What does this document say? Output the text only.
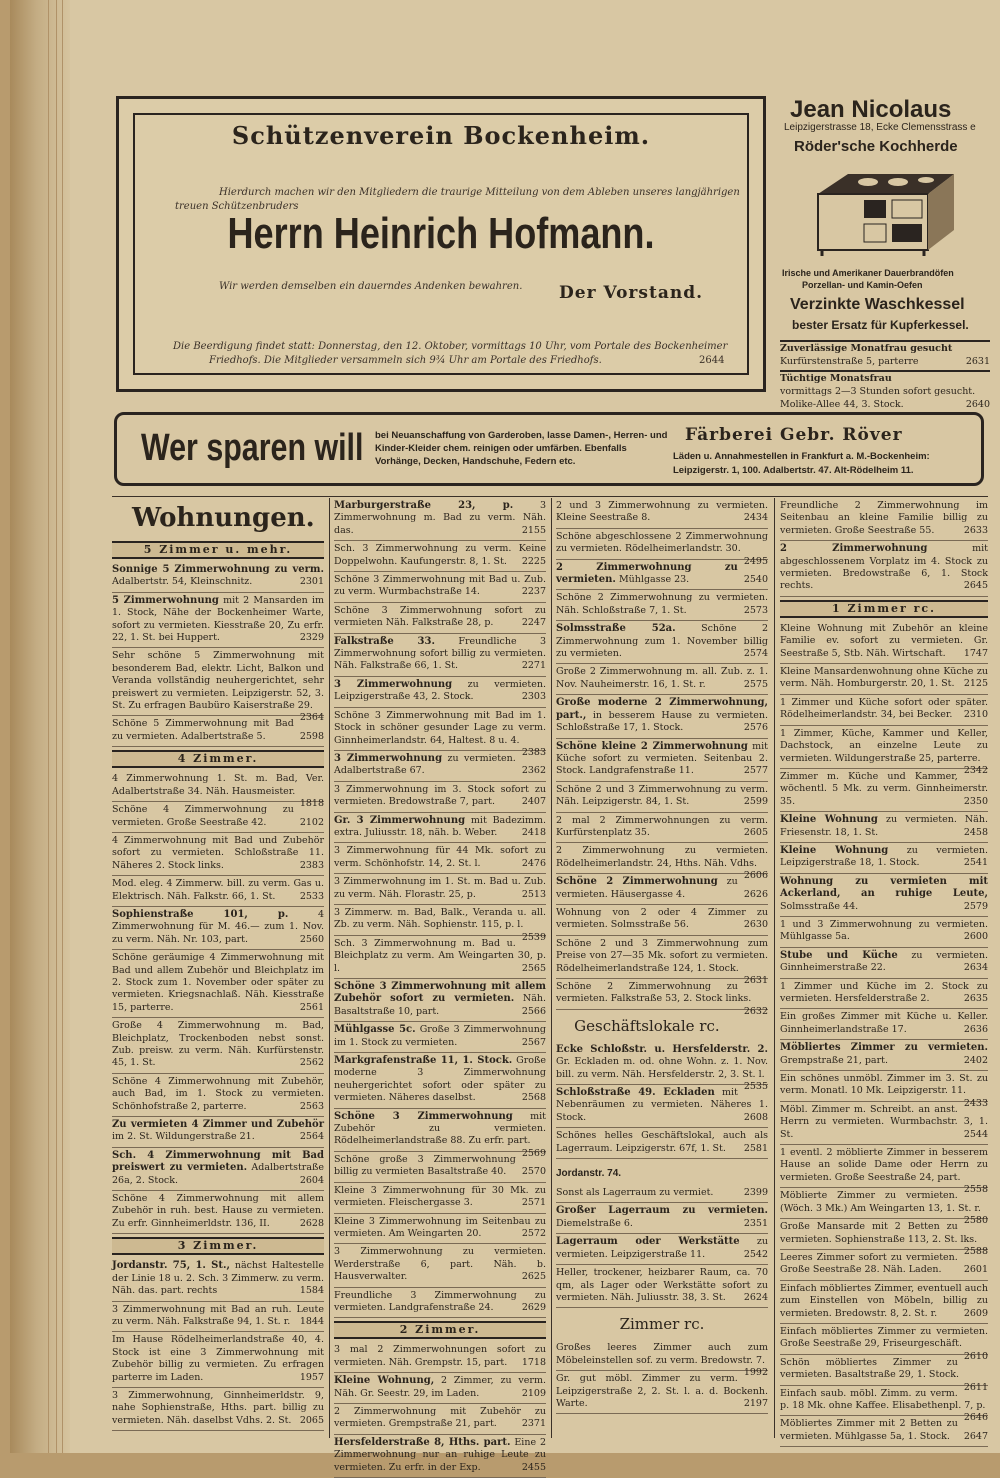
Schützenverein Bockenheim.
Hierdurch machen wir den Mitgliedern die traurige Mitteilung von dem Ableben unseres langjährigen
treuen Schützenbruders
Herrn Heinrich Hofmann.
Wir werden demselben ein dauerndes Andenken bewahren. Der Vorstand.
Die Beerdigung findet statt: Donnerstag, den 12. Oktober, vormittags 10 Uhr, vom Portale des Bockenheimer
Friedhofs. Die Mitglieder versammeln sich 9¾ Uhr am Portale des Friedhofs.	2644
Jean Nicolaus
Leipzigerstrasse 18, Ecke Clemensstrass e
Röder'sche Kochherde
Irische und Amerikaner Dauerbrandöfen
Porzellan- und Kamin-Oefen
Verzinkte Waschkessel
bester Ersatz für Kupferkessel.
Zuverlässige Monatfrau gesucht
Kurfürstenstraße 5, parterre	2631
Tüchtige Monatsfrau
vormittags 2—3 Stunden sofort gesucht. Molike-Allee 44, 3. Stock.	2640
Wer sparen will bei Neuanschaffung von Garderoben, lasse Damen-, Herren- und Kinder-Kleider chem. reinigen oder umfärben. Ebenfalls Vorhänge, Decken, Handschuhe, Federn etc.
Färberei Gebr. Röver
Läden u. Annahmestellen in Frankfurt a. M.-Bockenheim:
Leipzigerstr. 1, 100. Adalbertstr. 47. Alt-Rödelheim 11.
Wohnungen.
5 Zimmer u. mehr.
Sonnige 5 Zimmerwohnung zu verm. Adalbertstr. 54, Kleinschnitz.	2301
5 Zimmerwohnung mit 2 Mansarden im 1. Stock, Nähe der Bockenheimer Warte, sofort zu vermieten. Kiesstraße 20, Zu erfr. 22, 1. St. bei Huppert.	2329
Sehr schöne 5 Zimmerwohnung mit besonderem Bad, elektr. Licht, Balkon und Veranda vollständig neuhergerichtet, sehr preiswert zu vermieten. Leipzigerstr. 52, 3. St. Zu erfragen Baubüro Kaiserstraße 29.
2364
Schöne 5 Zimmerwohnung mit Bad zu vermieten. Adalbertstraße 5.	2598
4 Zimmer.
4 Zimmerwohnung 1. St. m. Bad, Ver. Adalbertstraße 34. Näh. Hausmeister.
1818
Schöne 4 Zimmerwohnung zu vermieten. Große Seestraße 42.	2102
4 Zimmerwohnung mit Bad und Zubehör sofort zu vermieten. Schloßstraße 11. Näheres 2. Stock links.	2383
Mod. eleg. 4 Zimmerw. bill. zu verm. Gas u. Elektrisch. Näh. Falkstr. 66, 1. St.	2533
Sophienstraße 101, p.	4 Zimmerwohnung für M. 46.— zum 1. Nov. zu verm. Näh. Nr. 103, part.	2560
Schöne geräumige 4 Zimmerwohnung mit Bad und allem Zubehör und Bleichplatz im 2. Stock zum 1. November oder später zu vermieten. Kriegsnachlaß. Näh. Kiesstraße 15, parterre.	2561
Große 4 Zimmerwohnung m. Bad, Bleichplatz, Trockenboden nebst sonst. Zub. preisw. zu verm. Näh. Kurfürstenstr. 45, 1. St.	2562
Schöne 4 Zimmerwohnung mit Zubehör, auch Bad, im 1. Stock zu vermieten. Schönhofstraße 2, parterre.	2563
Zu vermieten 4 Zimmer und Zubehör im 2. St. Wildungerstraße 21.	2564
Sch. 4 Zimmerwohnung mit Bad preiswert zu vermieten. Adalbertstraße 26a, 2. Stock.	2604
Schöne 4 Zimmerwohnung mit allem Zubehör in ruh. best. Hause zu vermieten. Zu erfr. Ginnheimerldstr. 136, II.	2628
3 Zimmer.
Jordanstr. 75, 1. St., nächst Haltestelle der Linie 18 u. 2. Sch. 3 Zimmerw. zu verm. Näh. das. part. rechts	1584
3 Zimmerwohnung mit Bad an ruh. Leute zu verm. Näh. Falkstraße 94, 1. St. r.	1844
Im Hause Rödelheimerlandstraße 40, 4. Stock ist eine 3 Zimmerwohnung mit Zubehör billig zu vermieten. Zu erfragen parterre im Laden.	1957
3 Zimmerwohnung, Ginnheimerldstr. 9, nahe Sophienstraße, Hths. part. billig zu vermieten. Näh. daselbst Vdhs. 2. St. 2065
Marburgerstraße 23, p.	3 Zimmerwohnung m. Bad zu verm. Näh. das.	2155
Sch. 3 Zimmerwohnung zu verm. Keine Doppelwohn. Kaufungerstr. 8, 1. St.	2225
Schöne 3 Zimmerwohnung mit Bad u. Zub. zu verm. Wurmbachstraße 14.	2237
Schöne 3 Zimmerwohnung sofort zu vermieten Näh. Falkstraße 28, p.	2247
Falkstraße 33. Freundliche 3 Zimmerwohnung sofort billig zu vermieten. Näh. Falkstraße 66, 1. St.	2271
3 Zimmerwohnung zu vermieten. Leipzigerstraße 43, 2. Stock.	2303
Schöne 3 Zimmerwohnung mit Bad im 1. Stock in schöner gesunder Lage zu verm. Ginnheimerlandstr. 64, Haltest. 8 u. 4.
2383
3 Zimmerwohnung zu vermieten. Adalbertstraße 67.	2362
3 Zimmerwohnung im 3. Stock sofort zu vermieten. Bredowstraße 7, part.	2407
Gr. 3 Zimmerwohnung mit Badezimm. extra. Juliusstr. 18, näh. b. Weber.	2418
3 Zimmerwohnung für 44 Mk. sofort zu verm. Schönhofstr. 14, 2. St. l.	2476
3 Zimmerwohnung im 1. St. m. Bad u. Zub. zu verm. Näh. Florastr. 25, p.	2513
3 Zimmerw. m. Bad, Balk., Veranda u. all. Zb. zu verm. Näh. Sophienstr. 115, p. l.
2539
Sch. 3 Zimmerwohnung m. Bad u. Bleichplatz zu verm. Am Weingarten 30, p. l.	2565
Schöne 3 Zimmerwohnung mit allem Zubehör sofort zu vermieten. Näh. Basaltstraße 10, part.	2566
Mühlgasse 5c. Große 3 Zimmerwohnung im 1. Stock zu vermieten.	2567
Markgrafenstraße 11, 1. Stock. Große moderne 3 Zimmerwohnung neuhergerichtet sofort oder später zu vermieten. Näheres daselbst.	2568
Schöne 3 Zimmerwohnung mit Zubehör zu vermieten. Rödelheimerlandstraße 88. Zu erfr. part.
2569
Schöne große 3 Zimmerwohnung billig zu vermieten Basaltstraße 40.	2570
Kleine 3 Zimmerwohnung für 30 Mk. zu vermieten. Fleischergasse 3.	2571
Kleine 3 Zimmerwohnung im Seitenbau zu vermieten. Am Weingarten 20.	2572
3 Zimmerwohnung zu vermieten. Werderstraße 6, part. Näh. b. Hausverwalter.	2625
Freundliche 3 Zimmerwohnung zu vermieten. Landgrafenstraße 24.	2629
2 Zimmer.
3 mal 2 Zimmerwohnungen sofort zu vermieten. Näh. Grempstr. 15, part.	1718
Kleine Wohnung, 2 Zimmer, zu verm. Näh. Gr. Seestr. 29, im Laden.	2109
2 Zimmerwohnung mit Zubehör zu vermieten. Grempstraße 21, part.	2371
Hersfelderstraße 8, Hths. part. Eine 2 Zimmerwohnung nur an ruhige Leute zu vermieten. Zu erfr. in der Exp.	2455
2 und 3 Zimmerwohnung zu vermieten. Kleine Seestraße 8.	2434
Schöne abgeschlossene 2 Zimmerwohnung zu vermieten. Rödelheimerlandstr. 30.
2495
2 Zimmerwohnung zu vermieten. Mühlgasse 23.	2540
Schöne 2 Zimmerwohnung zu vermieten. Näh. Schloßstraße 7, 1. St.	2573
Solmsstraße 52a.	Schöne 2 Zimmerwohnung zum 1. November billig zu vermieten.	2574
Große 2 Zimmerwohnung m. all. Zub. z. 1. Nov. Nauheimerstr. 16, 1. St. r.	2575
Große moderne 2 Zimmerwohnung, part., in besserem Hause zu vermieten. Schloßstraße 17, 1. Stock.	2576
Schöne kleine 2 Zimmerwohnung mit Küche sofort zu vermieten. Seitenbau 2. Stock. Landgrafenstraße 11.	2577
Schöne 2 und 3 Zimmerwohnung zu verm. Näh. Leipzigerstr. 84, 1. St.	2599
2 mal 2 Zimmerwohnungen zu verm. Kurfürstenplatz 35.	2605
2 Zimmerwohnung zu vermieten. Rödelheimerlandstr. 24, Hths. Näh. Vdhs.
2606
Schöne 2 Zimmerwohnung zu vermieten. Häusergasse 4.	2626
Wohnung von 2 oder 4 Zimmer zu vermieten. Solmsstraße 56.	2630
Schöne 2 und 3 Zimmerwohnung zum Preise von 27—35 Mk. sofort zu vermieten. Rödelheimerlandstraße 124, 1. Stock.
2631
Schöne 2 Zimmerwohnung zu vermieten. Falkstraße 53, 2. Stock links.
2632
Geschäftslokale rc.
Ecke Schloßstr. u. Hersfelderstr. 2. Gr. Eckladen m. od. ohne Wohn. z. 1. Nov. bill. zu verm. Näh. Hersfelderstr. 2, 3. St. l.
2535
Schloßstraße 49. Eckladen mit Nebenräumen zu vermieten. Näheres 1. Stock.	2608
Schönes helles Geschäftslokal, auch als Lagerraum. Leipzigerstr. 67f, 1. St.	2581
Jordanstr. 74.
Sonst als Lagerraum zu vermiet.	2399
Großer Lagerraum zu vermieten. Diemelstraße 6.	2351
Lagerraum oder Werkstätte zu vermieten. Leipzigerstraße 11.	2542
Heller, trockener, heizbarer Raum, ca. 70 qm, als Lager oder Werkstätte sofort zu vermieten. Näh. Juliusstr. 38, 3. St.	2624
Zimmer rc.
Großes leeres Zimmer auch zum Möbeleinstellen sof. zu verm. Bredowstr. 7.
1992
Gr. gut möbl. Zimmer zu verm. Leipzigerstraße 2, 2. St. l. a. d. Bockenh. Warte.	2197
Freundliche 2 Zimmerwohnung im Seitenbau an kleine Familie billig zu vermieten. Große Seestraße 55.	2633
2 Zimmerwohnung	mit abgeschlossenem Vorplatz im 4. Stock zu vermieten. Bredowstraße 6, 1. Stock rechts.	2645
1 Zimmer rc.
Kleine Wohnung mit Zubehör an kleine Familie ev. sofort zu vermieten. Gr. Seestraße 5, Stb. Näh. Wirtschaft.	1747
Kleine Mansardenwohnung ohne Küche zu verm. Näh. Homburgerstr. 20, 1. St. 2125
1 Zimmer und Küche sofort oder später. Rödelheimerlandstr. 34, bei Becker.	2310
1 Zimmer, Küche, Kammer und Keller, Dachstock, an einzelne Leute zu vermieten. Wildungerstraße 25, parterre.
2342
Zimmer m. Küche und Kammer, wöchentl. 5 Mk. zu verm. Ginnheimerstr. 35.	2350
Kleine Wohnung zu vermieten. Näh. Friesenstr. 18, 1. St.	2458
Kleine Wohnung zu vermieten. Leipzigerstraße 18, 1. Stock.	2541
Wohnung zu vermieten mit Ackerland, an ruhige Leute, Solmsstraße 44.	2579
1 und 3 Zimmerwohnung zu vermieten. Mühlgasse 5a.	2600
Stube und Küche zu vermieten. Ginnheimerstraße 22.	2634
1 Zimmer und Küche im 2. Stock zu vermieten. Hersfelderstraße 2.	2635
Ein großes Zimmer mit Küche u. Keller. Ginnheimerlandstraße 17.	2636
Möbliertes Zimmer zu vermieten. Grempstraße 21, part.	2402
Ein schönes unmöbl. Zimmer im 3. St. zu verm. Monatl. 10 Mk. Leipzigerstr. 11.
2433
Möbl. Zimmer m. Schreibt. an anst. Herrn zu vermieten. Wurmbachstr. 3, 1. St.	2544
1 eventl. 2 möblierte Zimmer in besserem Hause an solide Dame oder Herrn zu vermieten. Große Seestraße 24, part.
2558
Möblierte Zimmer zu vermieten. (Wöch. 3 Mk.) Am Weingarten 13, 1. St. r.
2580
Große Mansarde mit 2 Betten zu vermieten. Sophienstraße 113, 2. St. lks.
2588
Leeres Zimmer sofort zu vermieten. Große Seestraße 28. Näh. Laden.	2601
Einfach möbliertes Zimmer, eventuell auch zum Einstellen von Möbeln, billig zu vermieten. Bredowstr. 8, 2. St. r.	2609
Einfach möbliertes Zimmer zu vermieten. Große Seestraße 29, Friseurgeschäft.
2610
Schön möbliertes Zimmer zu vermieten. Basaltstraße 29, 1. Stock.
2611
Einfach saub. möbl. Zimm. zu verm. p. 18 Mk. ohne Kaffee. Elisabethenpl. 7, p.
2646
Möbliertes Zimmer mit 2 Betten zu vermieten. Mühlgasse 5a, 1. Stock.	2647
